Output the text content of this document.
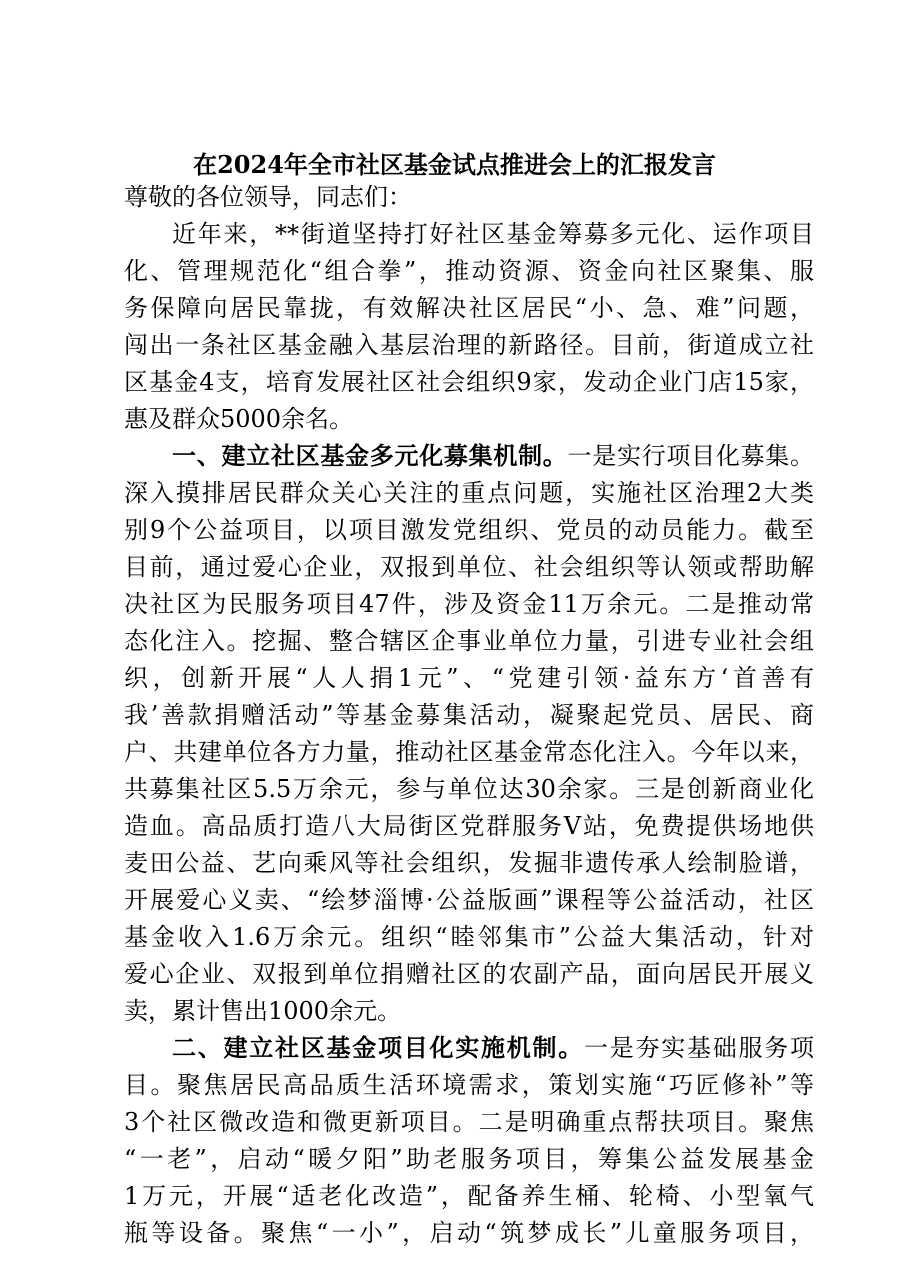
在2024年全市社区基金试点推进会上的汇报发言
尊敬的各位领导，同志们：
近年来，**街道坚持打好社区基金筹募多元化、运作项目
化、管理规范化“组合拳”，推动资源、资金向社区聚集、服
务保障向居民靠拢，有效解决社区居民“小、急、难”问题，
闯出一条社区基金融入基层治理的新路径。目前，街道成立社
区基金4支，培育发展社区社会组织9家，发动企业门店15家，
惠及群众5000余名。
一、建立社区基金多元化募集机制。一是实行项目化募集。
深入摸排居民群众关心关注的重点问题，实施社区治理2大类
别9个公益项目，以项目激发党组织、党员的动员能力。截至
目前，通过爱心企业，双报到单位、社会组织等认领或帮助解
决社区为民服务项目47件，涉及资金11万余元。二是推动常
态化注入。挖掘、整合辖区企事业单位力量，引进专业社会组
织，创新开展“人人捐1元”、“党建引领·益东方‘首善有
我’善款捐赠活动”等基金募集活动，凝聚起党员、居民、商
户、共建单位各方力量，推动社区基金常态化注入。今年以来，
共募集社区5.5万余元，参与单位达30余家。三是创新商业化
造血。高品质打造八大局街区党群服务V站，免费提供场地供
麦田公益、艺向乘风等社会组织，发掘非遗传承人绘制脸谱，
开展爱心义卖、“绘梦淄博·公益版画”课程等公益活动，社区
基金收入1.6万余元。组织“睦邻集市”公益大集活动，针对
爱心企业、双报到单位捐赠社区的农副产品，面向居民开展义
卖，累计售出1000余元。
二、建立社区基金项目化实施机制。一是夯实基础服务项
目。聚焦居民高品质生活环境需求，策划实施“巧匠修补”等
3个社区微改造和微更新项目。二是明确重点帮扶项目。聚焦
“一老”，启动“暖夕阳”助老服务项目，筹集公益发展基金
1万元，开展“适老化改造”，配备养生桶、轮椅、小型氧气
瓶等设备。聚焦“一小”，启动“筑梦成长”儿童服务项目，
